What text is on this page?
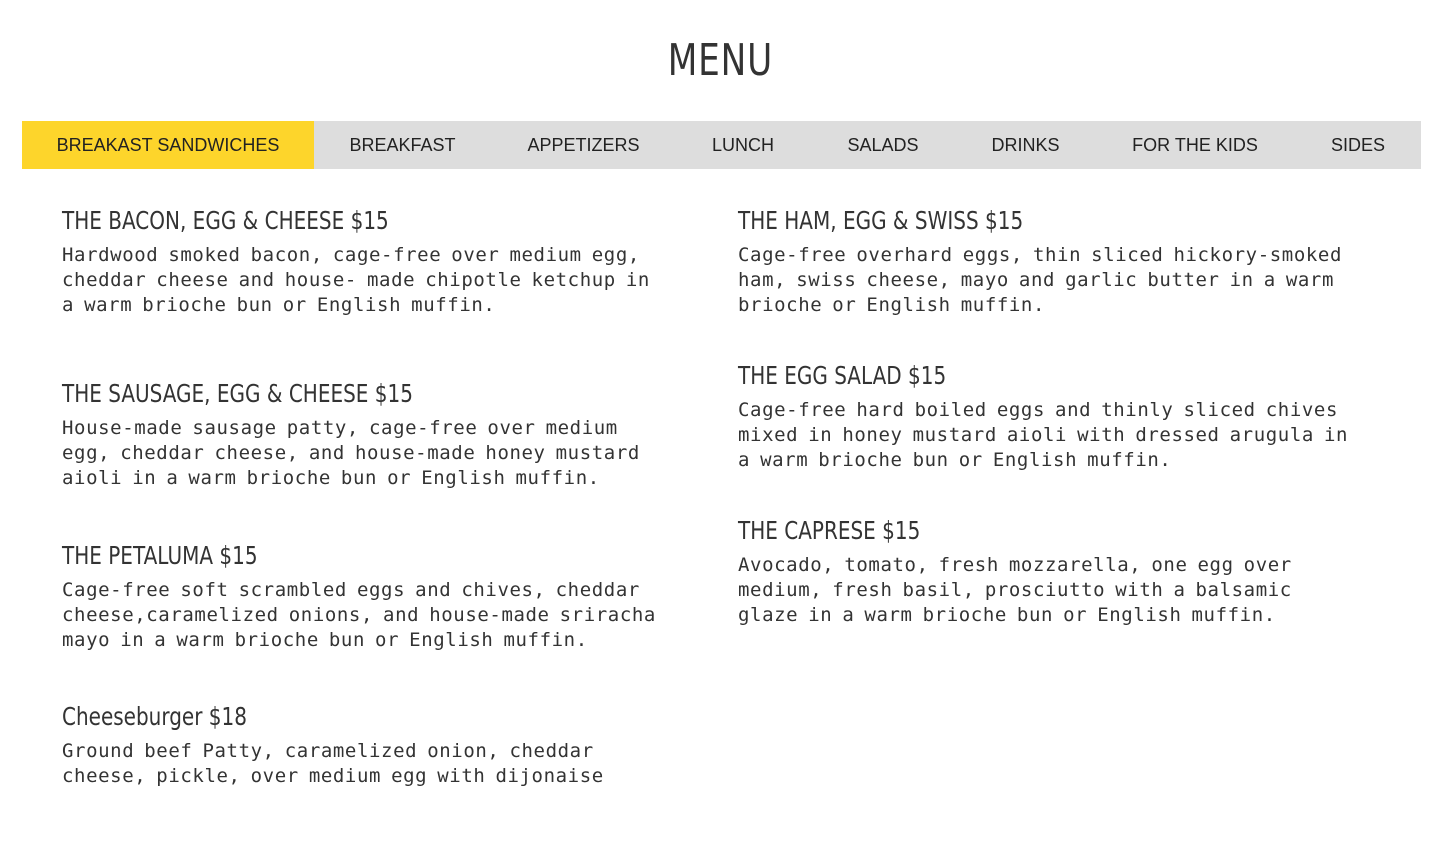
MENU
BREAKAST SANDWICHES	BREAKFAST	APPETIZERS	LUNCH	SALADS	DRINKS	FOR THE KIDS	SIDES
THE BACON, EGG & CHEESE $15

Hardwood smoked bacon, cage-free over medium egg, cheddar cheese and house- made chipotle ketchup in a warm brioche bun or English muffin.

THE SAUSAGE, EGG & CHEESE $15

House-made sausage patty, cage-free over medium egg, cheddar cheese, and house-made honey mustard aioli in a warm brioche bun or English muffin.

THE PETALUMA $15

Cage-free soft scrambled eggs and chives, cheddar cheese,caramelized onions, and house-made sriracha mayo in a warm brioche bun or English muffin.

Cheeseburger $18

Ground beef Patty, caramelized onion, cheddar cheese, pickle, over medium egg with dijonaise

THE HAM, EGG & SWISS $15

Cage-free overhard eggs, thin sliced hickory-smoked ham, swiss cheese, mayo and garlic butter in a warm brioche or English muffin.

THE EGG SALAD $15

Cage-free hard boiled eggs and thinly sliced chives mixed in honey mustard aioli with dressed arugula in a warm brioche bun or English muffin.

THE CAPRESE $15

Avocado, tomato, fresh mozzarella, one egg over medium, fresh basil, prosciutto with a balsamic glaze in a warm brioche bun or English muffin.
